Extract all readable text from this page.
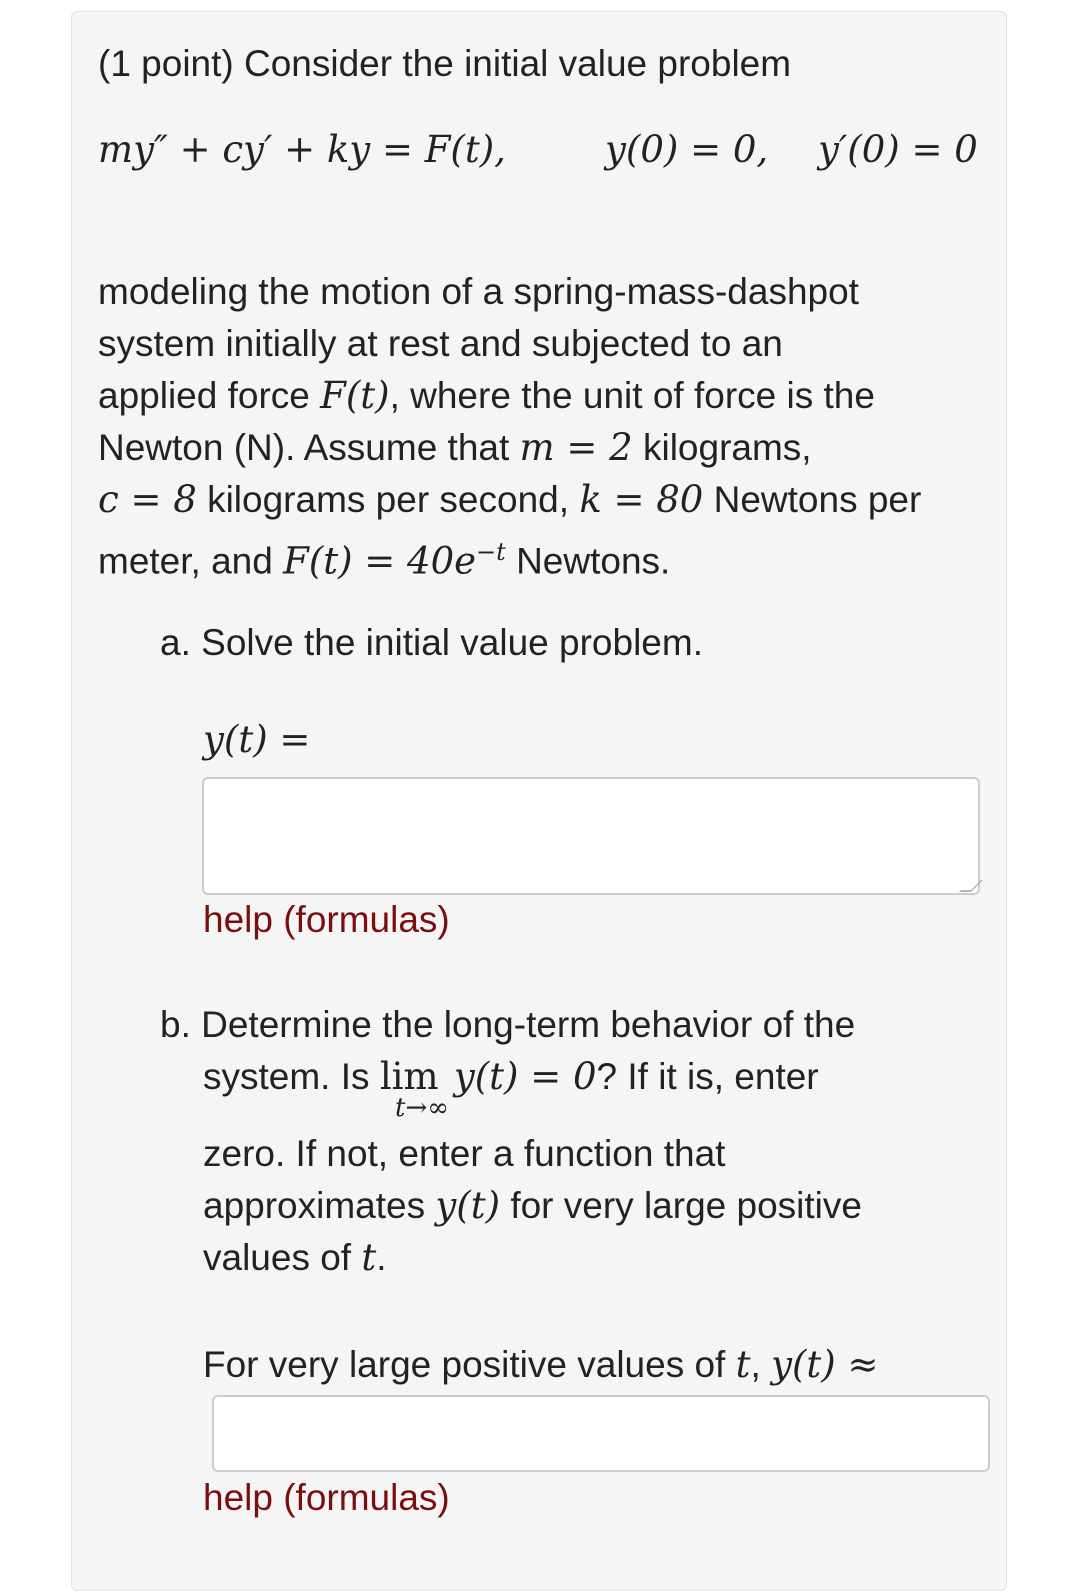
(1 point) Consider the initial value problem
my″ + cy′ + ky = F(t),	y(0) = 0, y′(0) = 0
modeling the motion of a spring-mass-dashpot
system initially at rest and subjected to an
applied force F(t), where the unit of force is the
Newton (N). Assume that m = 2 kilograms,
c = 8 kilograms per second, k = 80 Newtons per
meter, and $F(t) = 40e^{-t}$ Newtons.
a. Solve the initial value problem.
y(t) =
help (formulas)
b. Determine the long-term behavior of the
system. Is lim y(t) = 0? If it is, enter
t→∞
zero. If not, enter a function that
approximates y(t) for very large positive
values of t.
For very large positive values of t, y(t) ≈
help (formulas)
